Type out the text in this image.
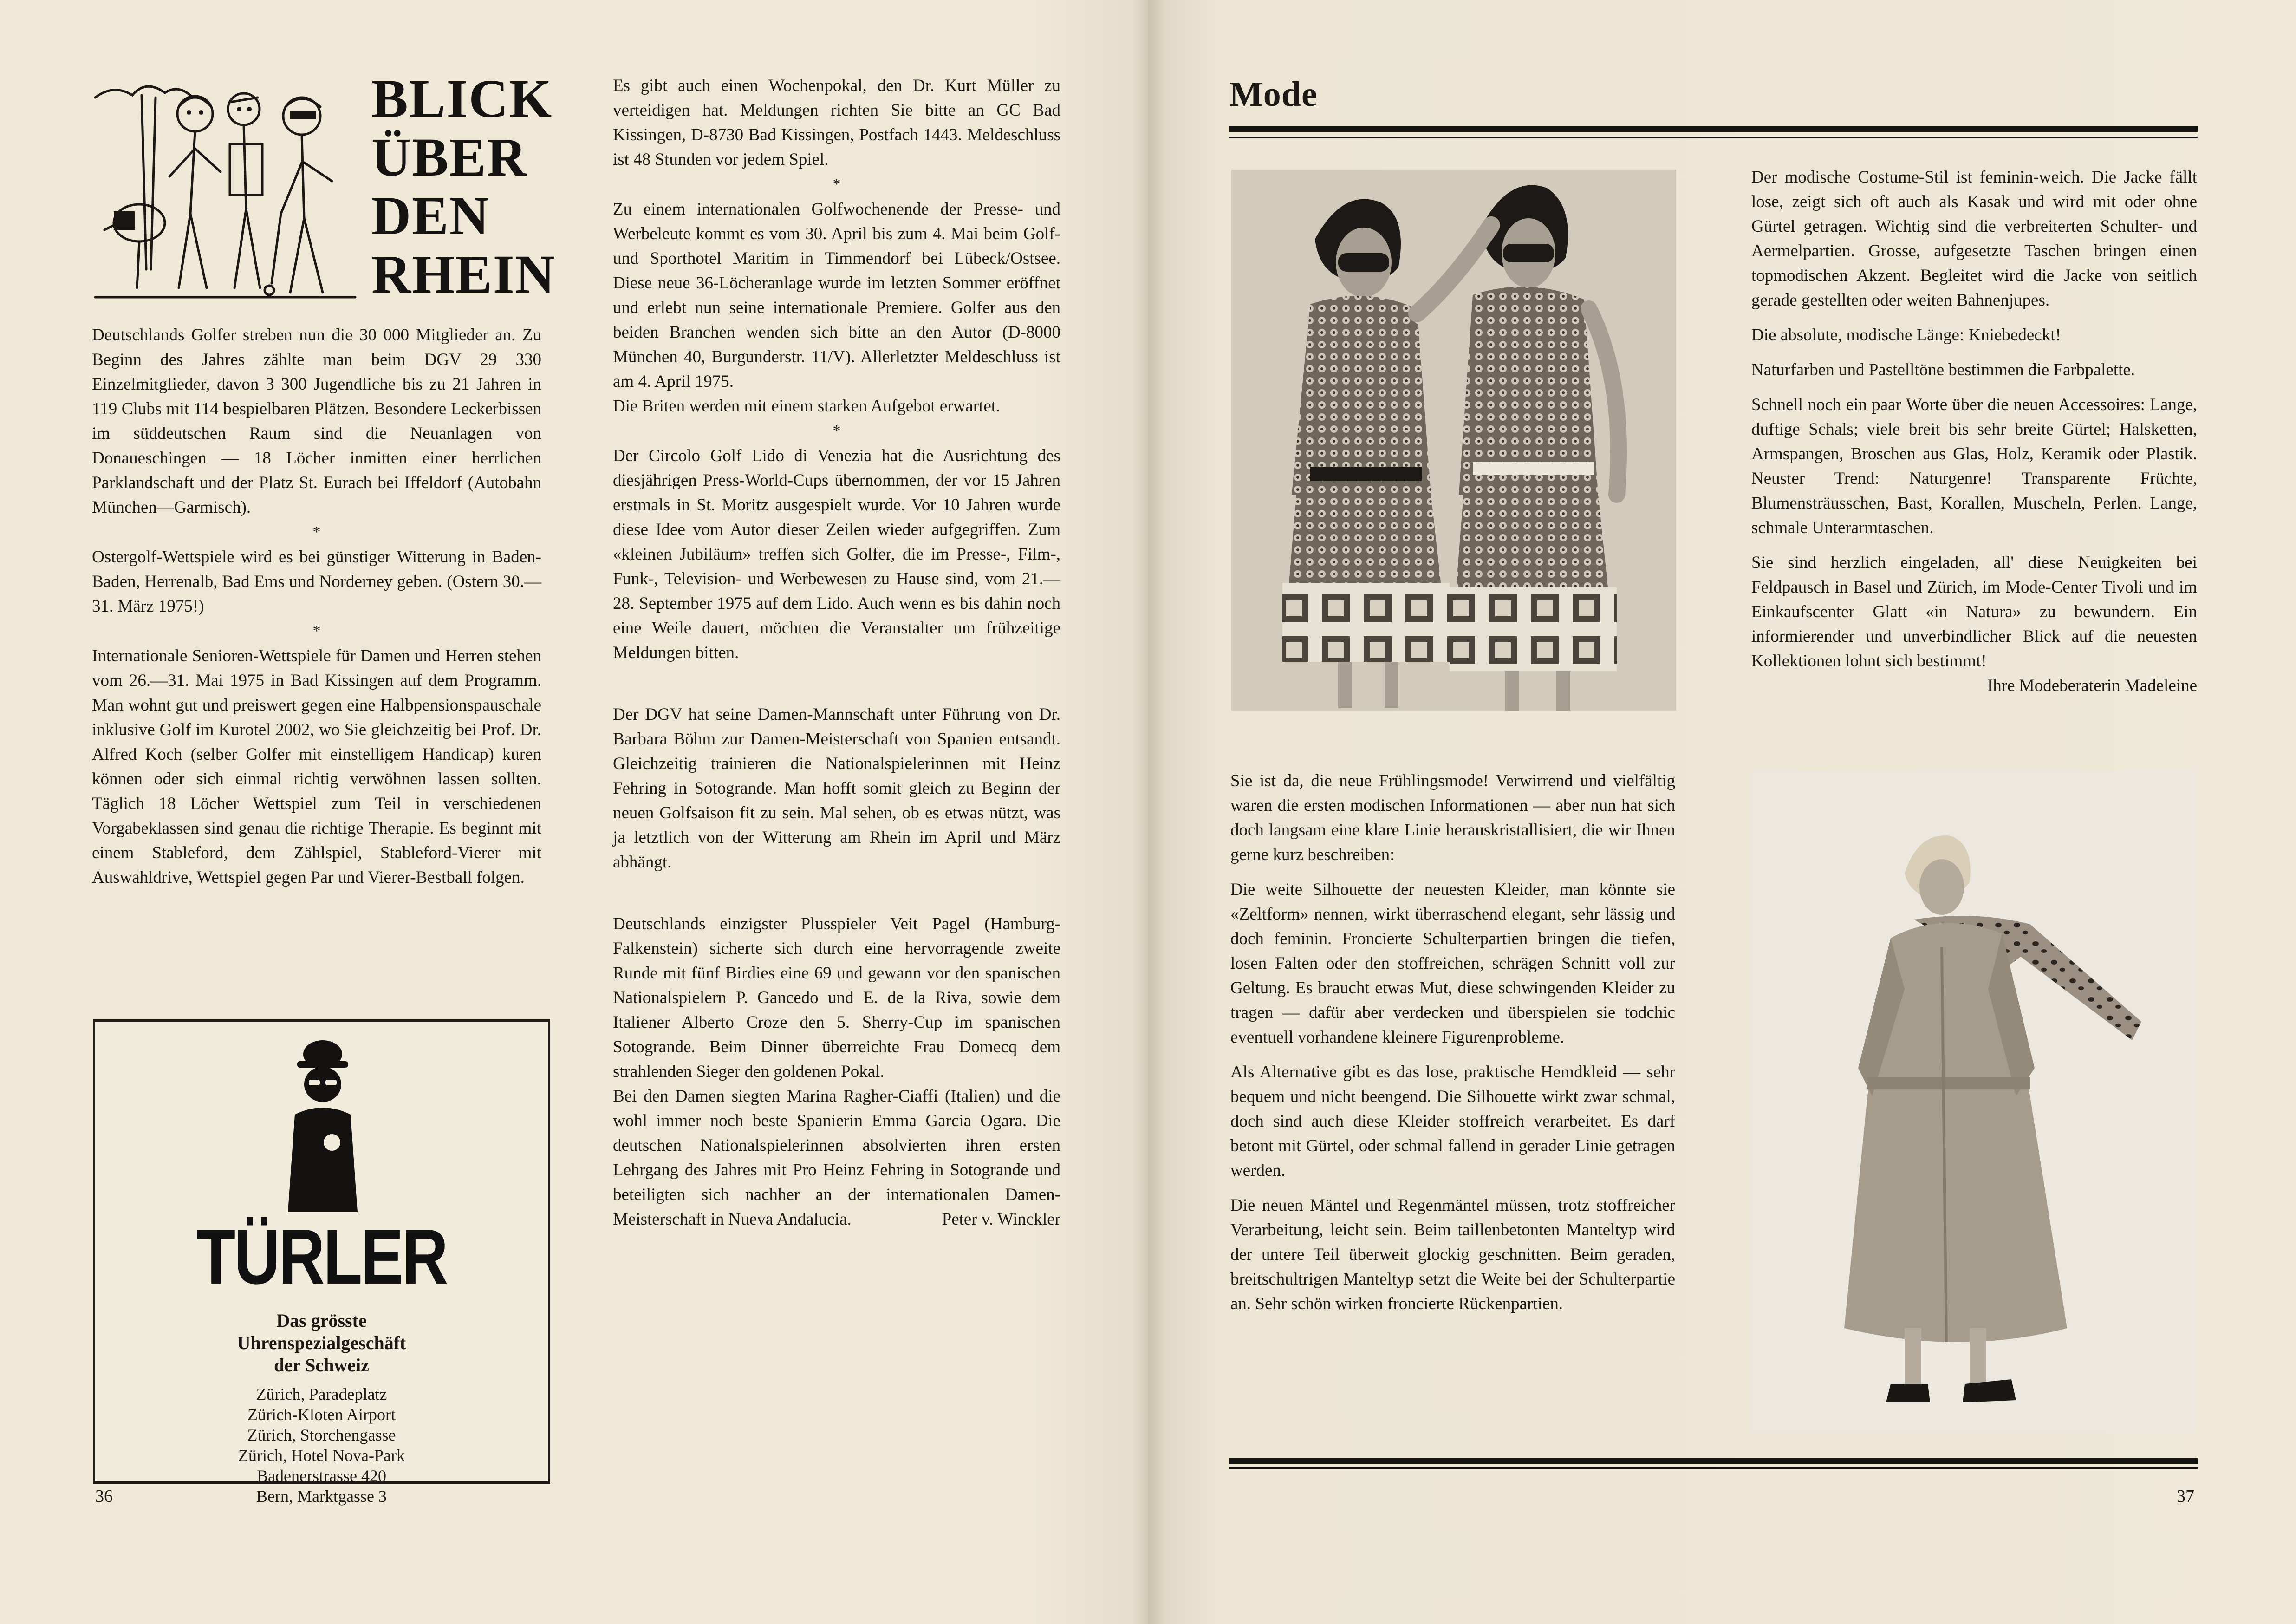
BLICK
ÜBER
DEN
RHEIN

Deutschlands Golfer streben nun die 30 000 Mitglieder an. Zu Beginn des Jahres zählte man beim DGV 29 330 Einzelmitglieder, davon 3 300 Jugendliche bis zu 21 Jahren in 119 Clubs mit 114 bespielbaren Plätzen. Besondere Leckerbissen im süddeutschen Raum sind die Neuanlagen von Donaueschingen — 18 Löcher inmitten einer herrlichen Parklandschaft und der Platz St. Eurach bei Iffeldorf (Autobahn München—Garmisch).

*

Ostergolf-Wettspiele wird es bei günstiger Witterung in Baden-Baden, Herrenalb, Bad Ems und Norderney geben. (Ostern 30.—31. März 1975!)

*

Internationale Senioren-Wettspiele für Damen und Herren stehen vom 26.—31. Mai 1975 in Bad Kissingen auf dem Programm. Man wohnt gut und preiswert gegen eine Halbpensionspauschale inklusive Golf im Kurotel 2002, wo Sie gleichzeitig bei Prof. Dr. Alfred Koch (selber Golfer mit einstelligem Handicap) kuren können oder sich einmal richtig verwöhnen lassen sollten. Täglich 18 Löcher Wettspiel zum Teil in verschiedenen Vorgabeklassen sind genau die richtige Therapie. Es beginnt mit einem Stableford, dem Zählspiel, Stableford-Vierer mit Auswahldrive, Wettspiel gegen Par und Vierer-Bestball folgen.

TÜRLER
Das grösste
Uhrenspezialgeschäft
der Schweiz
Zürich, Paradeplatz
Zürich-Kloten Airport
Zürich, Storchengasse
Zürich, Hotel Nova-Park
Badenerstrasse 420
Bern, Marktgasse 3

Es gibt auch einen Wochenpokal, den Dr. Kurt Müller zu verteidigen hat. Meldungen richten Sie bitte an GC Bad Kissingen, D-8730 Bad Kissingen, Postfach 1443. Meldeschluss ist 48 Stunden vor jedem Spiel.

*

Zu einem internationalen Golfwochenende der Presse- und Werbeleute kommt es vom 30. April bis zum 4. Mai beim Golf- und Sporthotel Maritim in Timmendorf bei Lübeck/Ostsee. Diese neue 36-Löcheranlage wurde im letzten Sommer eröffnet und erlebt nun seine internationale Premiere. Golfer aus den beiden Branchen wenden sich bitte an den Autor (D-8000 München 40, Burgunderstr. 11/V). Allerletzter Meldeschluss ist am 4. April 1975.

Die Briten werden mit einem starken Aufgebot erwartet.

*

Der Circolo Golf Lido di Venezia hat die Ausrichtung des diesjährigen Press-World-Cups übernommen, der vor 15 Jahren erstmals in St. Moritz ausgespielt wurde. Vor 10 Jahren wurde diese Idee vom Autor dieser Zeilen wieder aufgegriffen. Zum «kleinen Jubiläum» treffen sich Golfer, die im Presse-, Film-, Funk-, Television- und Werbewesen zu Hause sind, vom 21.—28. September 1975 auf dem Lido. Auch wenn es bis dahin noch eine Weile dauert, möchten die Veranstalter um frühzeitige Meldungen bitten.

Der DGV hat seine Damen-Mannschaft unter Führung von Dr. Barbara Böhm zur Damen-Meisterschaft von Spanien entsandt. Gleichzeitig trainieren die Nationalspielerinnen mit Heinz Fehring in Sotogrande. Man hofft somit gleich zu Beginn der neuen Golfsaison fit zu sein. Mal sehen, ob es etwas nützt, was ja letztlich von der Witterung am Rhein im April und März abhängt.

Deutschlands einzigster Plusspieler Veit Pagel (Hamburg-Falkenstein) sicherte sich durch eine hervorragende zweite Runde mit fünf Birdies eine 69 und gewann vor den spanischen Nationalspielern P. Gancedo und E. de la Riva, sowie dem Italiener Alberto Croze den 5. Sherry-Cup im spanischen Sotogrande. Beim Dinner überreichte Frau Domecq dem strahlenden Sieger den goldenen Pokal.

Bei den Damen siegten Marina Ragher-Ciaffi (Italien) und die wohl immer noch beste Spanierin Emma Garcia Ogara. Die deutschen Nationalspielerinnen absolvierten ihren ersten Lehrgang des Jahres mit Pro Heinz Fehring in Sotogrande und beteiligten sich nachher an der internationalen Damen-Meisterschaft in Nueva Andalucia.	Peter v. Winckler

36
Mode

Sie ist da, die neue Frühlingsmode! Verwirrend und vielfältig waren die ersten modischen Informationen — aber nun hat sich doch langsam eine klare Linie herauskristallisiert, die wir Ihnen gerne kurz beschreiben:

Die weite Silhouette der neuesten Kleider, man könnte sie «Zeltform» nennen, wirkt überraschend elegant, sehr lässig und doch feminin. Froncierte Schulterpartien bringen die tiefen, losen Falten oder den stoffreichen, schrägen Schnitt voll zur Geltung. Es braucht etwas Mut, diese schwingenden Kleider zu tragen — dafür aber verdecken und überspielen sie todchic eventuell vorhandene kleinere Figurenprobleme.

Als Alternative gibt es das lose, praktische Hemdkleid — sehr bequem und nicht beengend. Die Silhouette wirkt zwar schmal, doch sind auch diese Kleider stoffreich verarbeitet. Es darf betont mit Gürtel, oder schmal fallend in gerader Linie getragen werden.

Die neuen Mäntel und Regenmäntel müssen, trotz stoffreicher Verarbeitung, leicht sein. Beim taillenbetonten Manteltyp wird der untere Teil überweit glockig geschnitten. Beim geraden, breitschultrigen Manteltyp setzt die Weite bei der Schulterpartie an. Sehr schön wirken froncierte Rückenpartien.

Der modische Costume-Stil ist feminin-weich. Die Jacke fällt lose, zeigt sich oft auch als Kasak und wird mit oder ohne Gürtel getragen. Wichtig sind die verbreiterten Schulter- und Aermelpartien. Grosse, aufgesetzte Taschen bringen einen topmodischen Akzent. Begleitet wird die Jacke von seitlich gerade gestellten oder weiten Bahnenjupes.

Die absolute, modische Länge: Kniebedeckt!

Naturfarben und Pastelltöne bestimmen die Farbpalette.

Schnell noch ein paar Worte über die neuen Accessoires: Lange, duftige Schals; viele breit bis sehr breite Gürtel; Halsketten, Armspangen, Broschen aus Glas, Holz, Keramik oder Plastik. Neuster Trend: Naturgenre! Transparente Früchte, Blumensträusschen, Bast, Korallen, Muscheln, Perlen. Lange, schmale Unterarmtaschen.

Sie sind herzlich eingeladen, all' diese Neuigkeiten bei Feldpausch in Basel und Zürich, im Mode-Center Tivoli und im Einkaufscenter Glatt «in Natura» zu bewundern. Ein informierender und unverbindlicher Blick auf die neuesten Kollektionen lohnt sich bestimmt!

Ihre Modeberaterin Madeleine
37
